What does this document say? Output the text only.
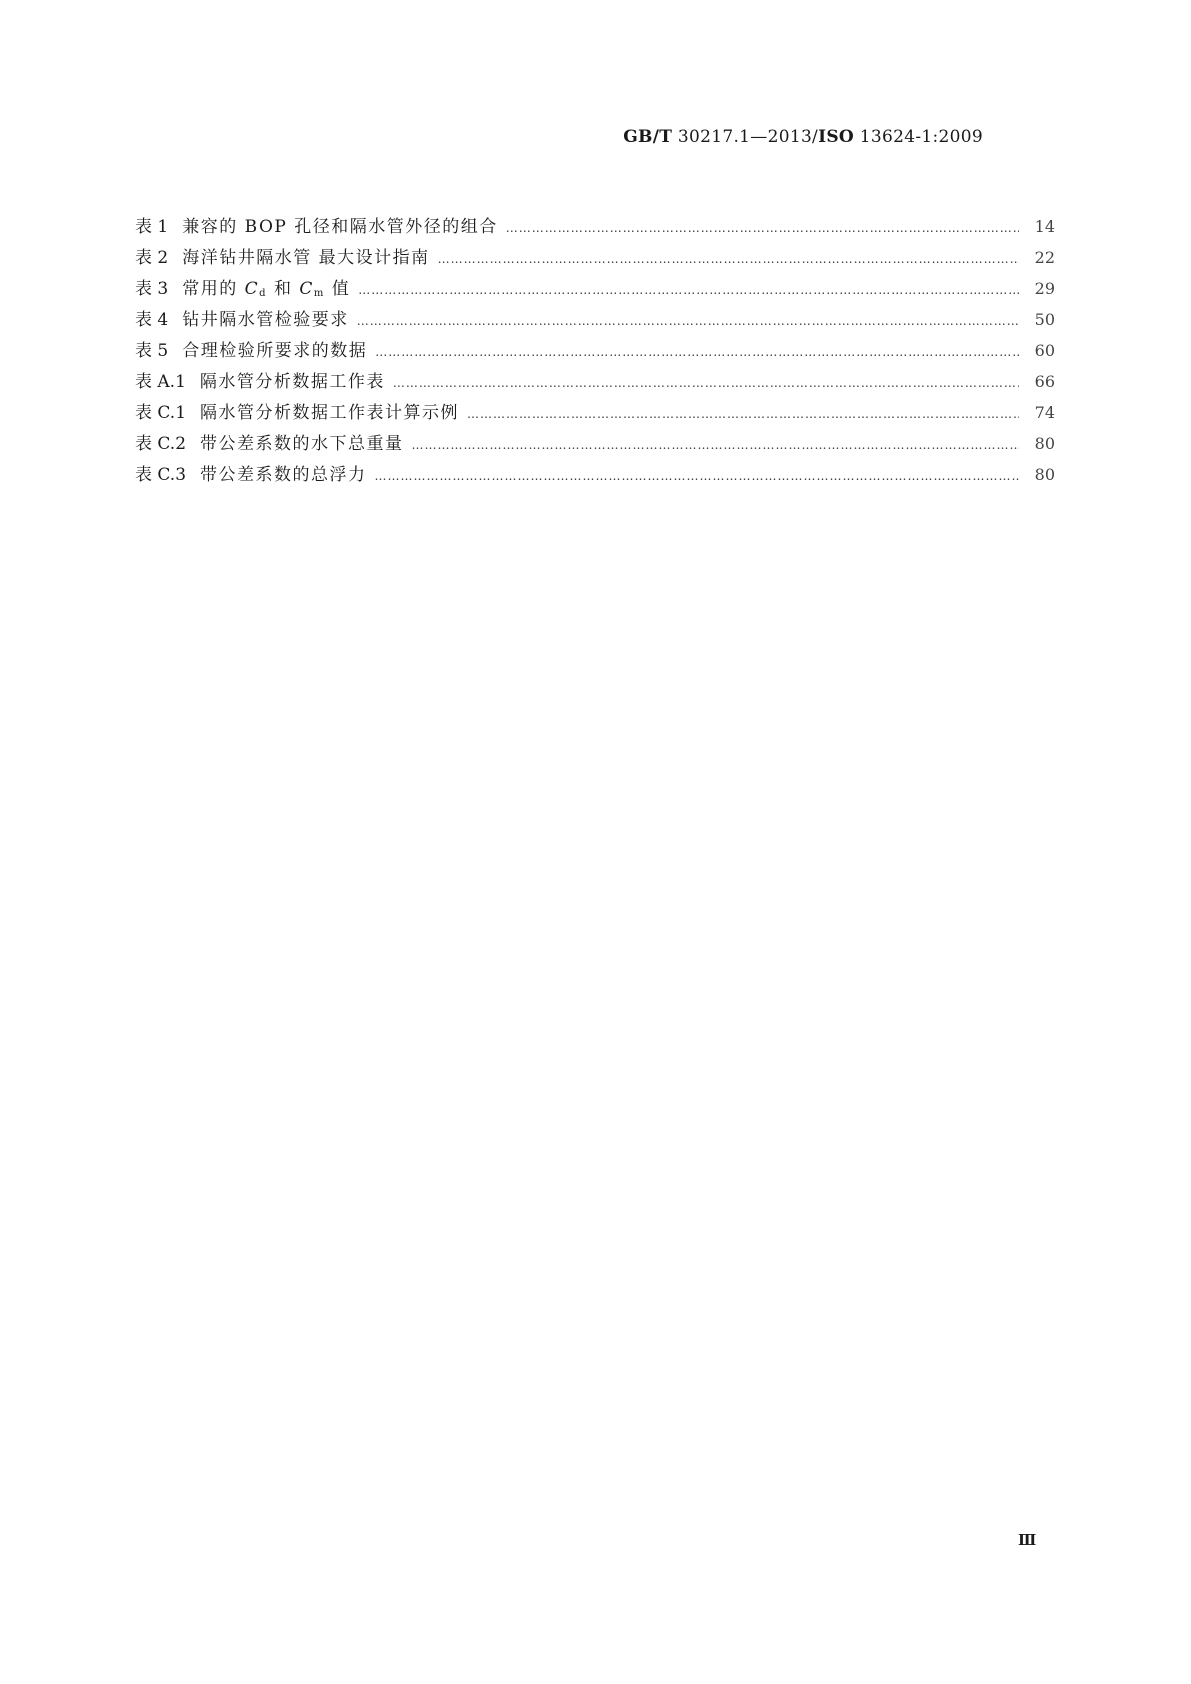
GB/T 30217.1—2013/ISO 13624-1:2009
表 1 兼容的 BOP 孔径和隔水管外径的组合 ………………………………………………………………………………………………………………………………………………………………………………	14
表 2 海洋钻井隔水管 最大设计指南 ………………………………………………………………………………………………………………………………………………………………………………	22
表 3 常用的 $C_d$ 和 $C_m$ 值 ………………………………………………………………………………………………………………………………………………………………………………	29
表 4 钻井隔水管检验要求 ………………………………………………………………………………………………………………………………………………………………………………	50
表 5 合理检验所要求的数据 ………………………………………………………………………………………………………………………………………………………………………………	60
表 A.1 隔水管分析数据工作表 ………………………………………………………………………………………………………………………………………………………………………………	66
表 C.1 隔水管分析数据工作表计算示例 ………………………………………………………………………………………………………………………………………………………………………………	74
表 C.2 带公差系数的水下总重量 ………………………………………………………………………………………………………………………………………………………………………………	80
表 C.3 带公差系数的总浮力 ………………………………………………………………………………………………………………………………………………………………………………	80
Ⅲ
